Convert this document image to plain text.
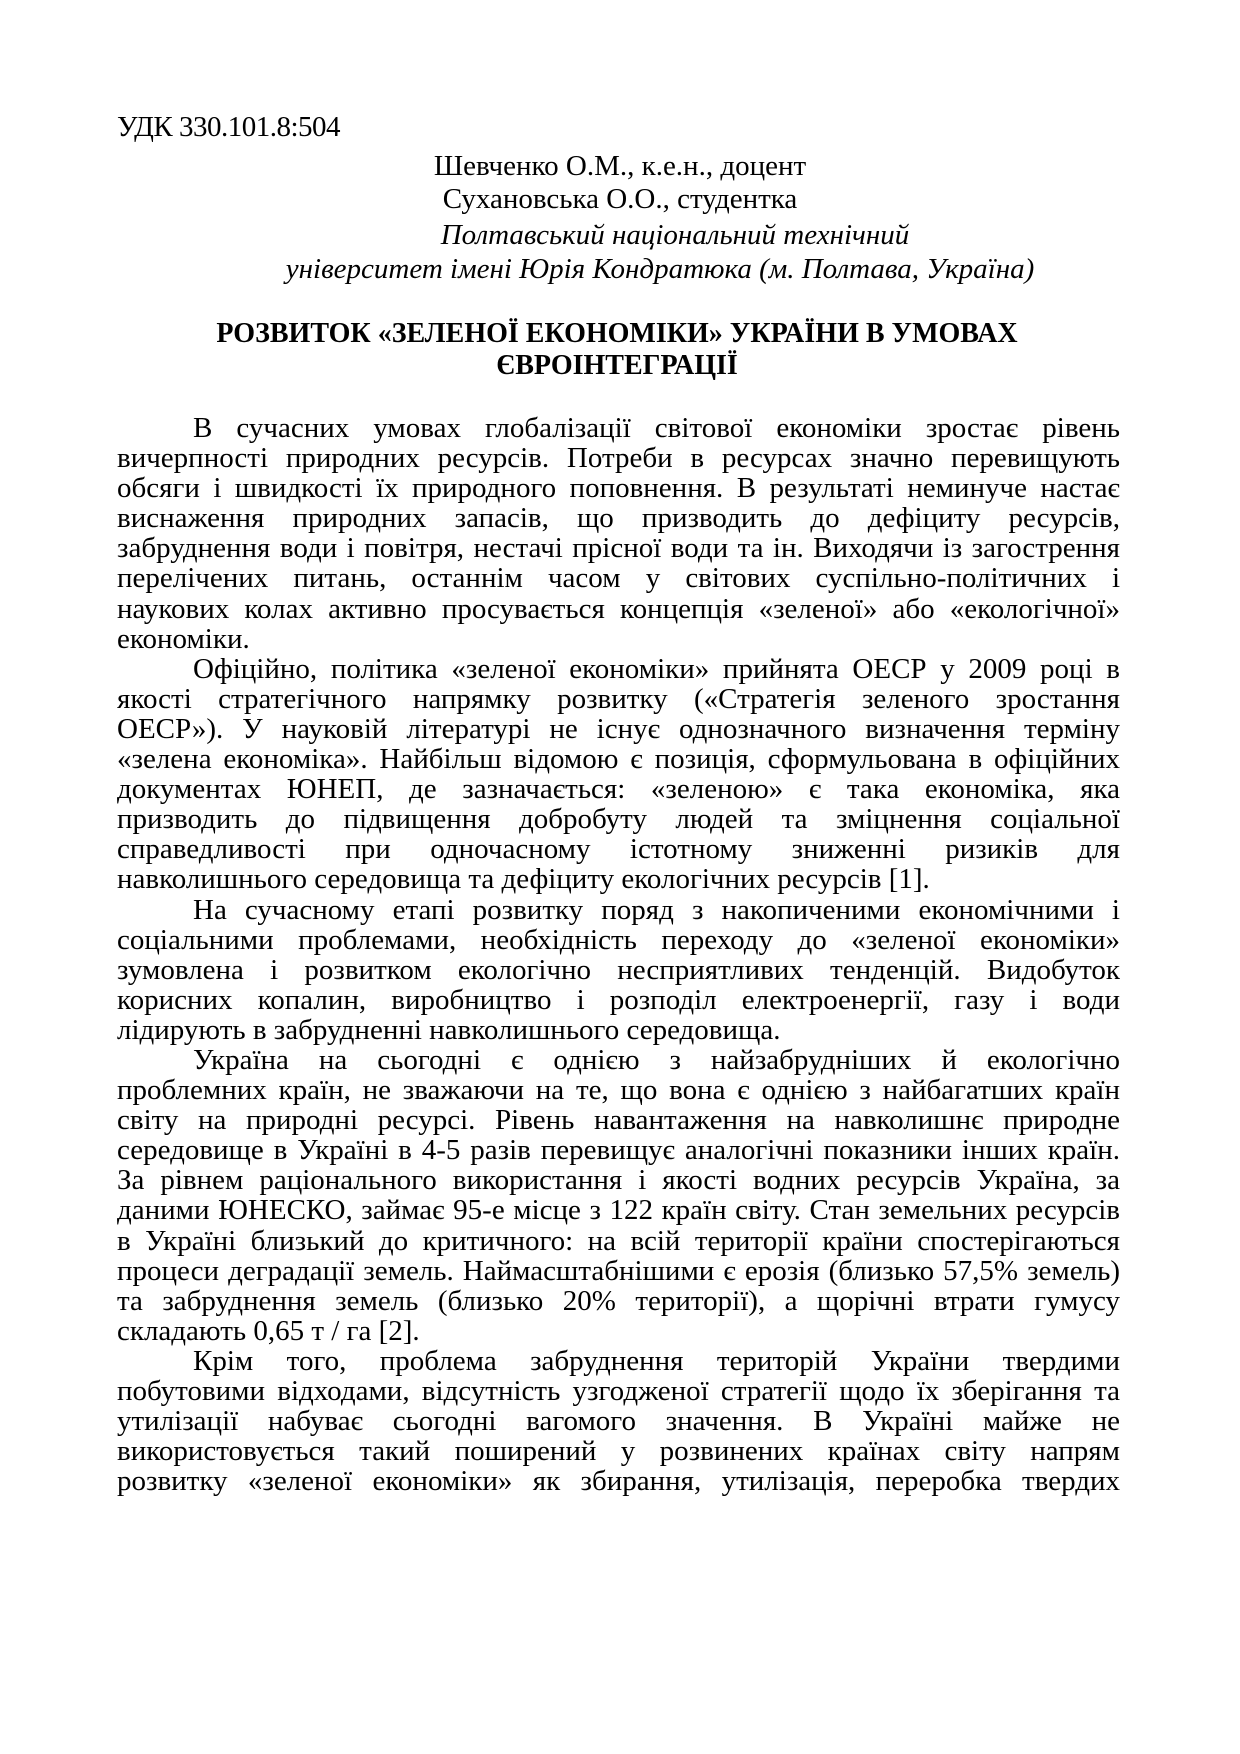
УДК 330.101.8:504
Шевченко О.М., к.е.н., доцент
Сухановська О.О., студентка
Полтавський національний технічний
університет імені Юрія Кондратюка (м. Полтава, Україна)
РОЗВИТОК «ЗЕЛЕНОЇ ЕКОНОМІКИ» УКРАЇНИ В УМОВАХ
ЄВРОІНТЕГРАЦІЇ
В сучасних умовах глобалізації світової економіки зростає рівень
вичерпності природних ресурсів. Потреби в ресурсах значно перевищують
обсяги і швидкості їх природного поповнення. В результаті неминуче настає
виснаження природних запасів, що призводить до дефіциту ресурсів,
забруднення води і повітря, нестачі прісної води та ін. Виходячи із загострення
перелічених питань, останнім часом у світових суспільно-політичних і
наукових колах активно просувається концепція «зеленої» або «екологічної»
економіки.
Офіційно, політика «зеленої економіки» прийнята ОЕСР у 2009 році в
якості стратегічного напрямку розвитку («Стратегія зеленого зростання
ОЕСР»). У науковій літературі не існує однозначного визначення терміну
«зелена економіка». Найбільш відомою є позиція, сформульована в офіційних
документах ЮНЕП, де зазначається: «зеленою» є така економіка, яка
призводить до підвищення добробуту людей та зміцнення соціальної
справедливості при одночасному істотному зниженні ризиків для
навколишнього середовища та дефіциту екологічних ресурсів [1].
На сучасному етапі розвитку поряд з накопиченими економічними і
соціальними проблемами, необхідність переходу до «зеленої економіки»
зумовлена і розвитком екологічно несприятливих тенденцій. Видобуток
корисних копалин, виробництво і розподіл електроенергії, газу і води
лідирують в забрудненні навколишнього середовища.
Україна на сьогодні є однією з найзабрудніших й екологічно
проблемних країн, не зважаючи на те, що вона є однією з найбагатших країн
світу на природні ресурсі. Рівень навантаження на навколишнє природне
середовище в Україні в 4-5 разів перевищує аналогічні показники інших країн.
За рівнем раціонального використання і якості водних ресурсів Україна, за
даними ЮНЕСКО, займає 95-е місце з 122 країн світу. Стан земельних ресурсів
в Україні близький до критичного: на всій території країни спостерігаються
процеси деградації земель. Наймасштабнішими є ерозія (близько 57,5% земель)
та забруднення земель (близько 20% території), а щорічні втрати гумусу
складають 0,65 т / га [2].
Крім того, проблема забруднення територій України твердими
побутовими відходами, відсутність узгодженої стратегії щодо їх зберігання та
утилізації набуває сьогодні вагомого значення. В Україні майже не
використовується такий поширений у розвинених країнах світу напрям
розвитку «зеленої економіки» як збирання, утилізація, переробка твердих
